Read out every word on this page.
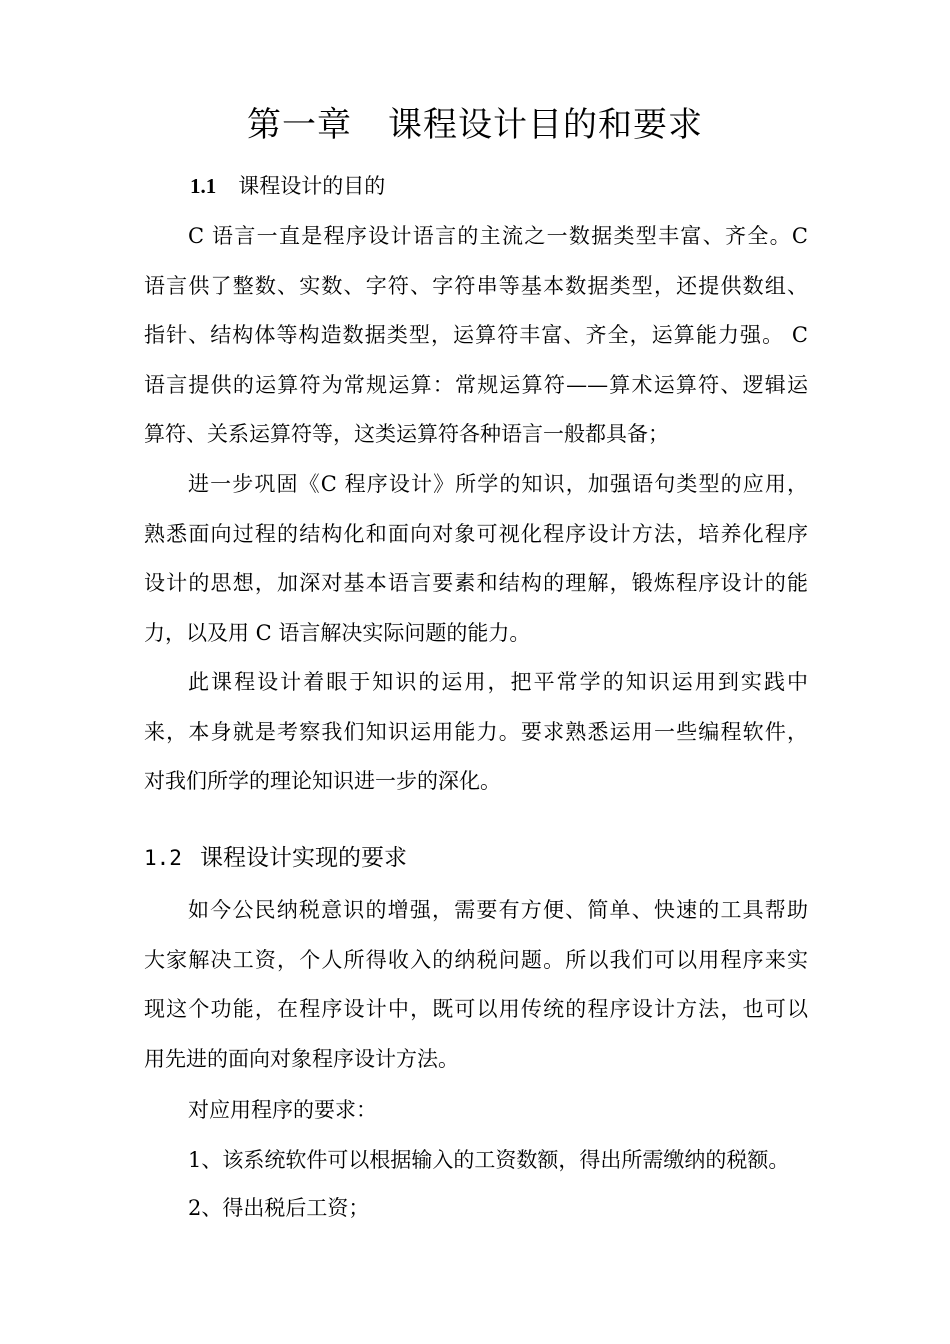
第一章 课程设计目的和要求
1.1 课程设计的目的
C 语言一直是程序设计语言的主流之一数据类型丰富、齐全。C
语言供了整数、实数、字符、字符串等基本数据类型，还提供数组、
指针、结构体等构造数据类型，运算符丰富、齐全，运算能力强。 C
语言提供的运算符为常规运算：常规运算符——算术运算符、逻辑运
算符、关系运算符等，这类运算符各种语言一般都具备；
进一步巩固《C 程序设计》所学的知识，加强语句类型的应用，
熟悉面向过程的结构化和面向对象可视化程序设计方法，培养化程序
设计的思想，加深对基本语言要素和结构的理解，锻炼程序设计的能
力，以及用 C 语言解决实际问题的能力。
此课程设计着眼于知识的运用，把平常学的知识运用到实践中
来，本身就是考察我们知识运用能力。要求熟悉运用一些编程软件，
对我们所学的理论知识进一步的深化。
1.2 课程设计实现的要求
如今公民纳税意识的增强，需要有方便、简单、快速的工具帮助
大家解决工资，个人所得收入的纳税问题。所以我们可以用程序来实
现这个功能，在程序设计中，既可以用传统的程序设计方法，也可以
用先进的面向对象程序设计方法。
对应用程序的要求：
1、该系统软件可以根据输入的工资数额，得出所需缴纳的税额。
2、得出税后工资；
